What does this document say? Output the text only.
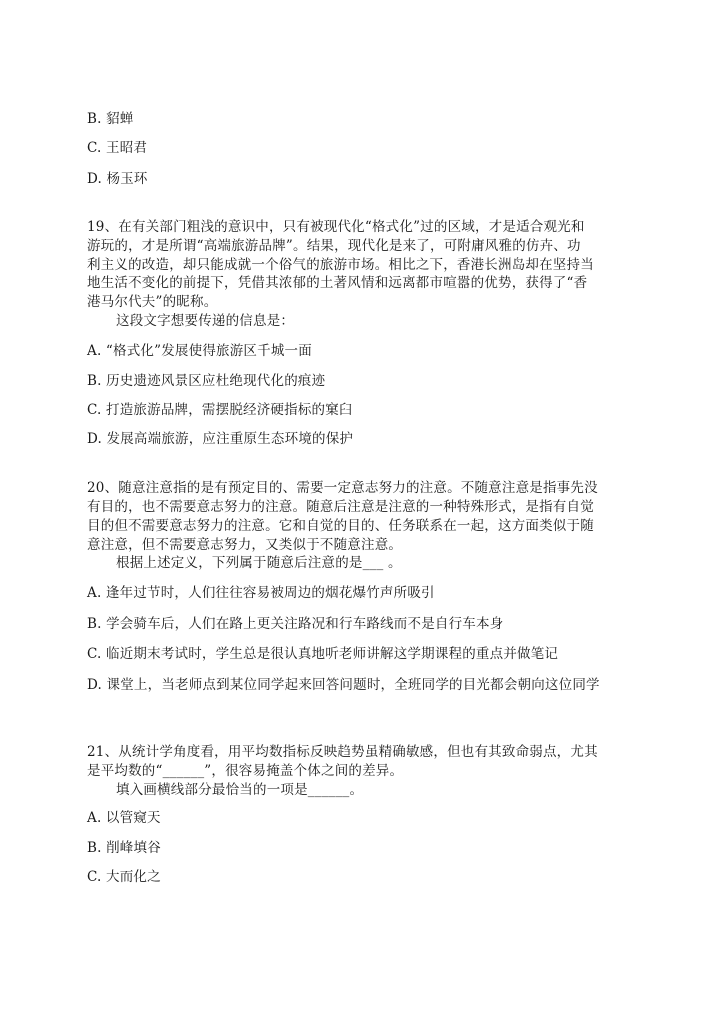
B. 貂蝉
C. 王昭君
D. 杨玉环
19、在有关部门粗浅的意识中，只有被现代化“格式化”过的区域，才是适合观光和
游玩的，才是所谓“高端旅游品牌”。结果，现代化是来了，可附庸风雅的仿卉、功
利主义的改造，却只能成就一个俗气的旅游市场。相比之下，香港长洲岛却在坚持当
地生活不变化的前提下，凭借其浓郁的土著风情和远离都市喧嚣的优势，获得了“香
港马尔代夫”的昵称。
这段文字想要传递的信息是：
A. “格式化”发展使得旅游区千城一面
B. 历史遗迹风景区应杜绝现代化的痕迹
C. 打造旅游品牌，需摆脱经济硬指标的窠臼
D. 发展高端旅游，应注重原生态环境的保护
20、随意注意指的是有预定目的、需要一定意志努力的注意。不随意注意是指事先没
有目的，也不需要意志努力的注意。随意后注意是注意的一种特殊形式，是指有自觉
目的但不需要意志努力的注意。它和自觉的目的、任务联系在一起，这方面类似于随
意注意，但不需要意志努力，又类似于不随意注意。
根据上述定义，下列属于随意后注意的是___ 。
A. 逢年过节时，人们往往容易被周边的烟花爆竹声所吸引
B. 学会骑车后，人们在路上更关注路况和行车路线而不是自行车本身
C. 临近期末考试时，学生总是很认真地听老师讲解这学期课程的重点并做笔记
D. 课堂上，当老师点到某位同学起来回答问题时，全班同学的目光都会朝向这位同学
21、从统计学角度看，用平均数指标反映趋势虽精确敏感，但也有其致命弱点，尤其
是平均数的“______”，很容易掩盖个体之间的差异。
填入画横线部分最恰当的一项是______。
A. 以管窥天
B. 削峰填谷
C. 大而化之
